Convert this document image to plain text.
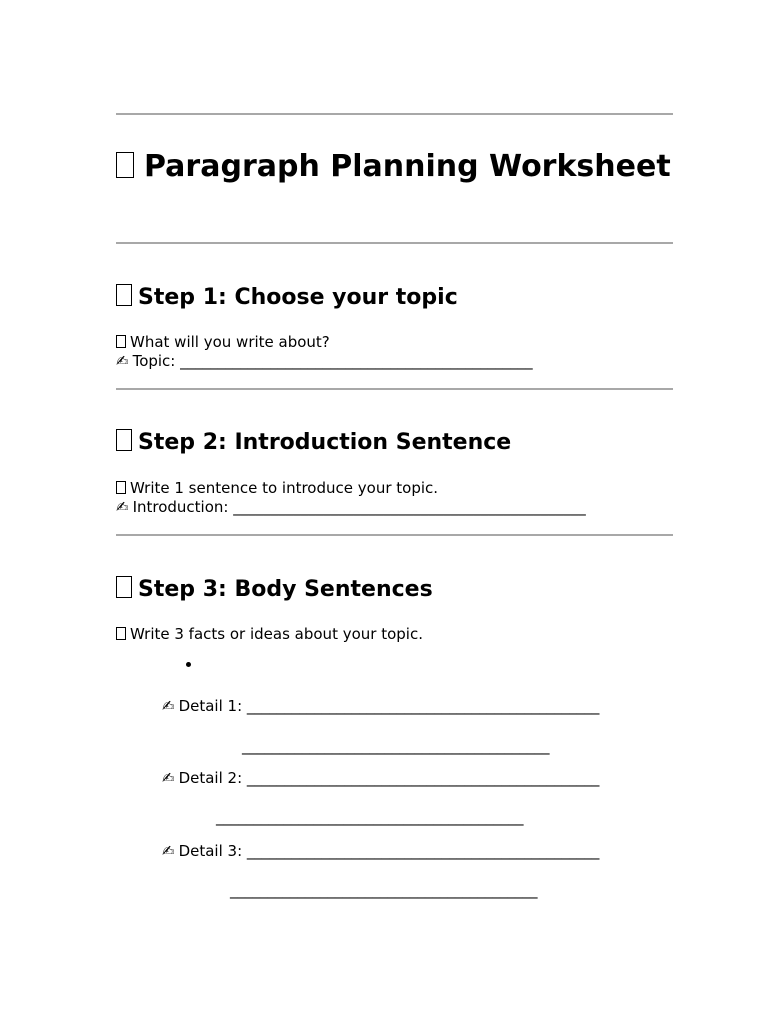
Paragraph Planning Worksheet
Step 1: Choose your topic
What will you write about?
✍ Topic: _______________________________________________
Step 2: Introduction Sentence
Write 1 sentence to introduce your topic.
✍ Introduction: _______________________________________________
Step 3: Body Sentences
Write 3 facts or ideas about your topic.
✍ Detail 1: _______________________________________________
_________________________________________
✍ Detail 2: _______________________________________________
_________________________________________
✍ Detail 3: _______________________________________________
_________________________________________
